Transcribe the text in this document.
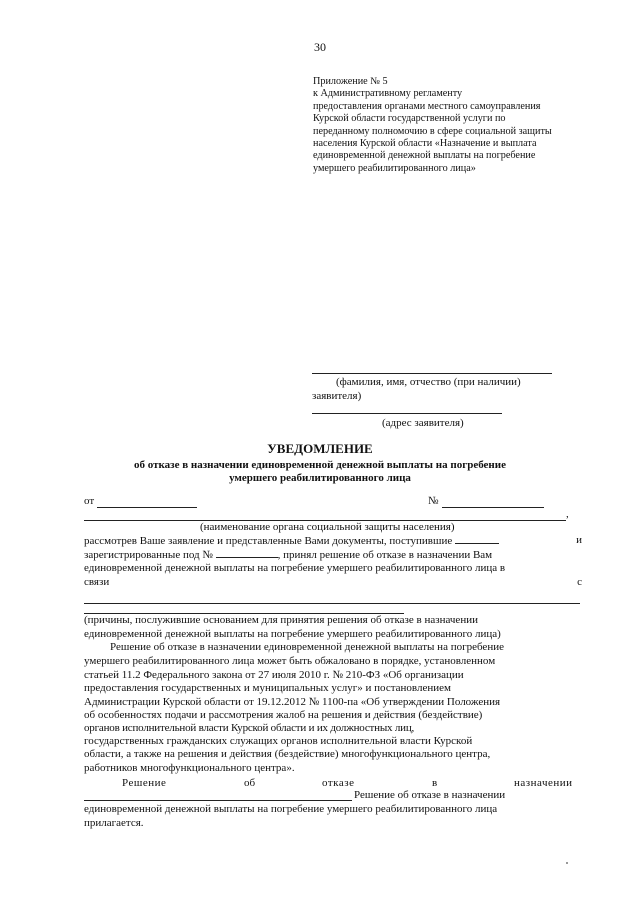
30
Приложение № 5
к Административному регламенту
предоставления органами местного самоуправления
Курской области государственной услуги по
переданному полномочию в сфере социальной защиты
населения Курской области «Назначение и выплата
единовременной денежной выплаты на погребение
умершего реабилитированного лица»
(фамилия, имя, отчество (при наличии)
заявителя)
(адрес заявителя)
УВЕДОМЛЕНИЕ
об отказе в назначении единовременной денежной выплаты на погребение
умершего реабилитированного лица
от	№
,
(наименование органа социальной защиты населения)
рассмотрев Ваше заявление и представленные Вами документы, поступившие	и
зарегистрированные под №	, принял решение об отказе в назначении Вам
единовременной денежной выплаты на погребение умершего реабилитированного лица в
связи	с
(причины, послужившие основанием для принятия решения об отказе в назначении
единовременной денежной выплаты на погребение умершего реабилитированного лица)
Решение об отказе в назначении единовременной денежной выплаты на погребение
умершего реабилитированного лица может быть обжаловано в порядке, установленном
статьей 11.2 Федерального закона от 27 июля 2010 г. № 210-ФЗ «Об организации
предоставления государственных и муниципальных услуг» и постановлением
Администрации Курской области от 19.12.2012 № 1100-па «Об утверждении Положения
об особенностях подачи и рассмотрения жалоб на решения и действия (бездействие)
органов исполнительной власти Курской области и их должностных лиц,
государственных гражданских служащих органов исполнительной власти Курской
области, а также на решения и действия (бездействие) многофункционального центра,
работников многофункционального центра».
Решение	об	отказе	в	назначении
Решение об отказе в назначении
единовременной денежной выплаты на погребение умершего реабилитированного лица
прилагается.
